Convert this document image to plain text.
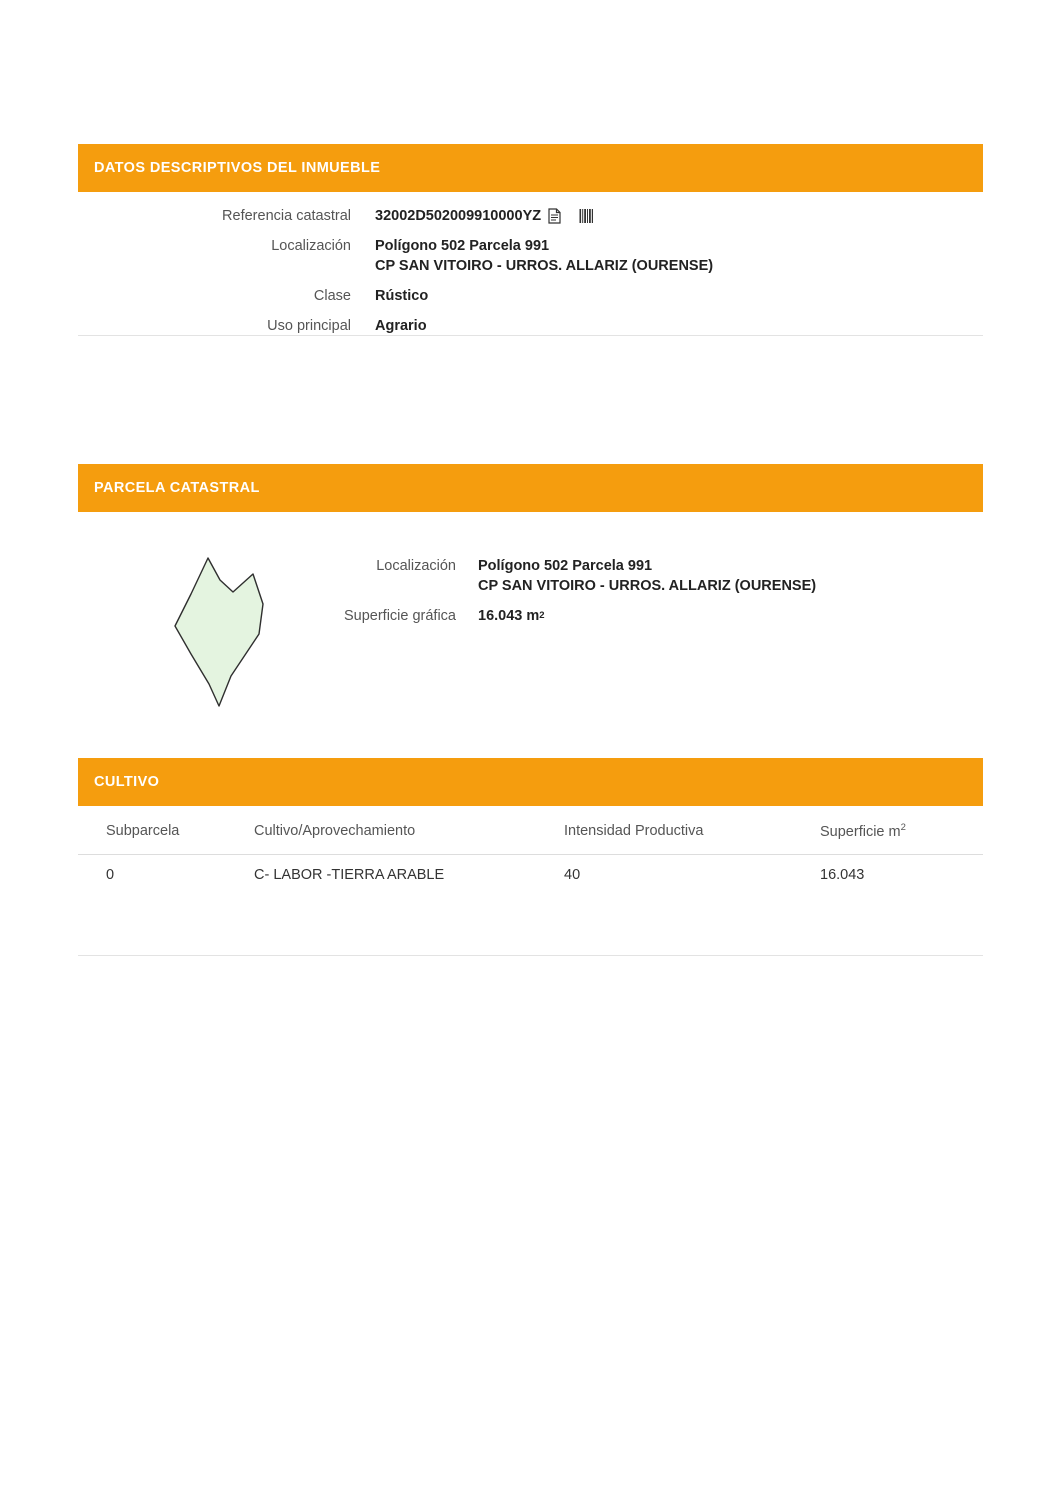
DATOS DESCRIPTIVOS DEL INMUEBLE
Referencia catastral	32002D502009910000YZ
Localización	Polígono 502 Parcela 991
CP SAN VITOIRO - URROS. ALLARIZ (OURENSE)
Clase	Rústico
Uso principal	Agrario
PARCELA CATASTRAL
Localización	Polígono 502 Parcela 991
CP SAN VITOIRO - URROS. ALLARIZ (OURENSE)
Superficie gráfica	16.043 m 2
CULTIVO
Subparcela	Cultivo/Aprovechamiento	Intensidad Productiva	Superficie $m^2$
0	C- LABOR -TIERRA ARABLE	40	16.043
